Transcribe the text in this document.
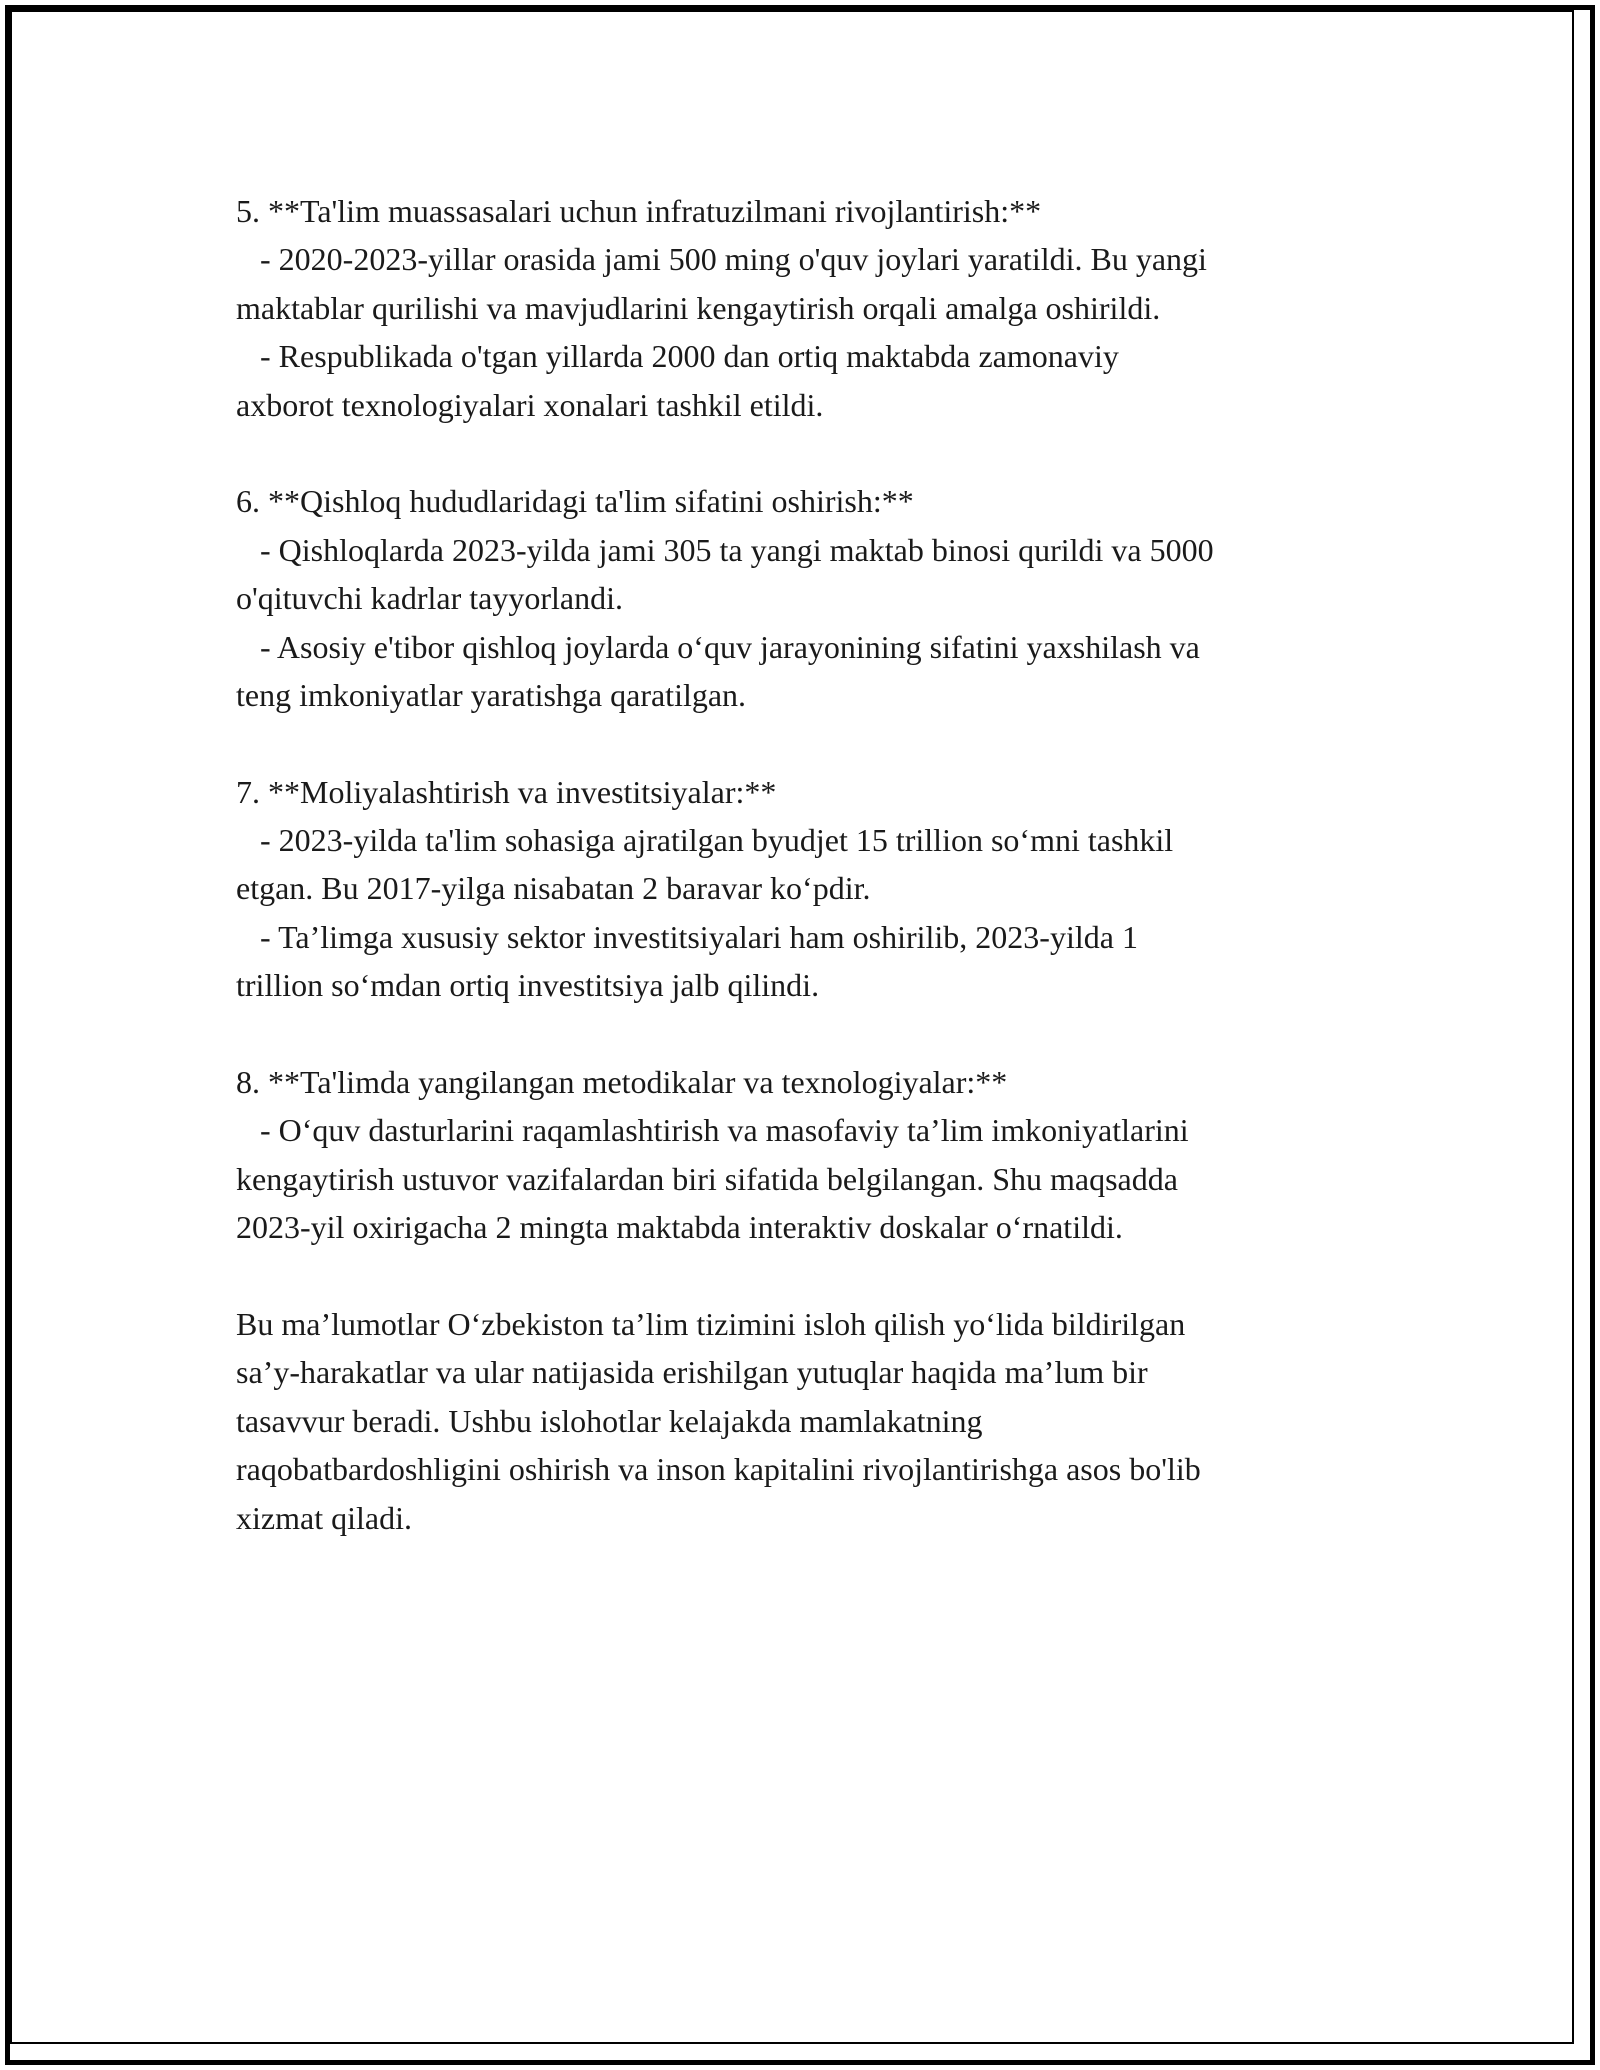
5. **Ta'lim muassasalari uchun infratuzilmani rivojlantirish:**
- 2020-2023-yillar orasida jami 500 ming o'quv joylari yaratildi. Bu yangi
maktablar qurilishi va mavjudlarini kengaytirish orqali amalga oshirildi.
- Respublikada o'tgan yillarda 2000 dan ortiq maktabda zamonaviy
axborot texnologiyalari xonalari tashkil etildi.
6. **Qishloq hududlaridagi ta'lim sifatini oshirish:**
- Qishloqlarda 2023-yilda jami 305 ta yangi maktab binosi qurildi va 5000
o'qituvchi kadrlar tayyorlandi.
- Asosiy e'tibor qishloq joylarda o‘quv jarayonining sifatini yaxshilash va
teng imkoniyatlar yaratishga qaratilgan.
7. **Moliyalashtirish va investitsiyalar:**
- 2023-yilda ta'lim sohasiga ajratilgan byudjet 15 trillion so‘mni tashkil
etgan. Bu 2017-yilga nisabatan 2 baravar ko‘pdir.
- Ta’limga xususiy sektor investitsiyalari ham oshirilib, 2023-yilda 1
trillion so‘mdan ortiq investitsiya jalb qilindi.
8. **Ta'limda yangilangan metodikalar va texnologiyalar:**
- O‘quv dasturlarini raqamlashtirish va masofaviy ta’lim imkoniyatlarini
kengaytirish ustuvor vazifalardan biri sifatida belgilangan. Shu maqsadda
2023-yil oxirigacha 2 mingta maktabda interaktiv doskalar o‘rnatildi.
Bu ma’lumotlar O‘zbekiston ta’lim tizimini isloh qilish yo‘lida bildirilgan
sa’y-harakatlar va ular natijasida erishilgan yutuqlar haqida ma’lum bir
tasavvur beradi. Ushbu islohotlar kelajakda mamlakatning
raqobatbardoshligini oshirish va inson kapitalini rivojlantirishga asos bo'lib
xizmat qiladi.
